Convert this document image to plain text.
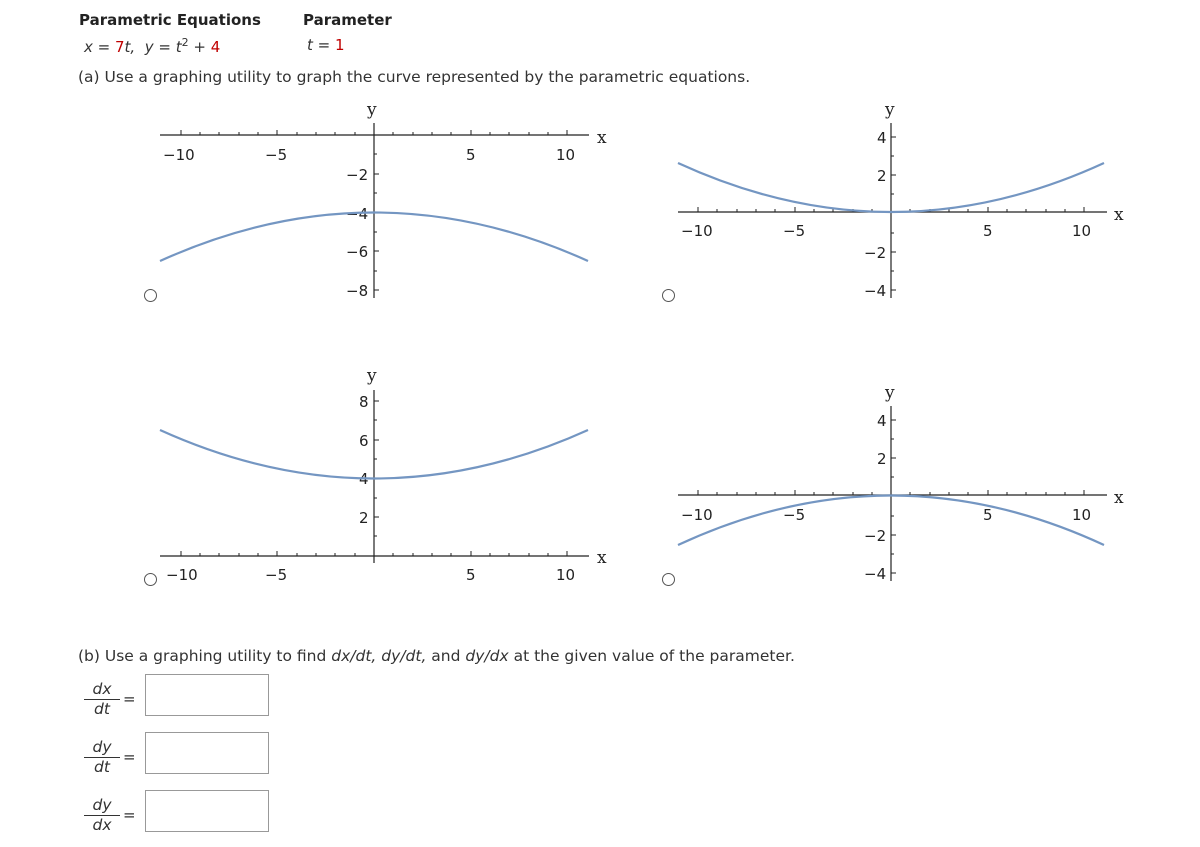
Parametric Equations	Parameter
x = 7t, $y = t^2 + 4$	t = 1
(a) Use a graphing utility to graph the curve represented by the parametric equations.
y
x
−10	−5	5	10
−2
−4
−6
−8
y
x
−10	−5	5	10
4
2
−2
−4
y
x
−10	−5	5	10
8
6
4
2
y
x
−10	−5	5	10
4
2
−2
−4
(b) Use a graphing utility to find dx/dt, dy/dt, and dy/dx at the given value of the parameter.
$\frac{dx}{dt}$ =
$\frac{dy}{dt}$ =
$\frac{dy}{dx}$ =
